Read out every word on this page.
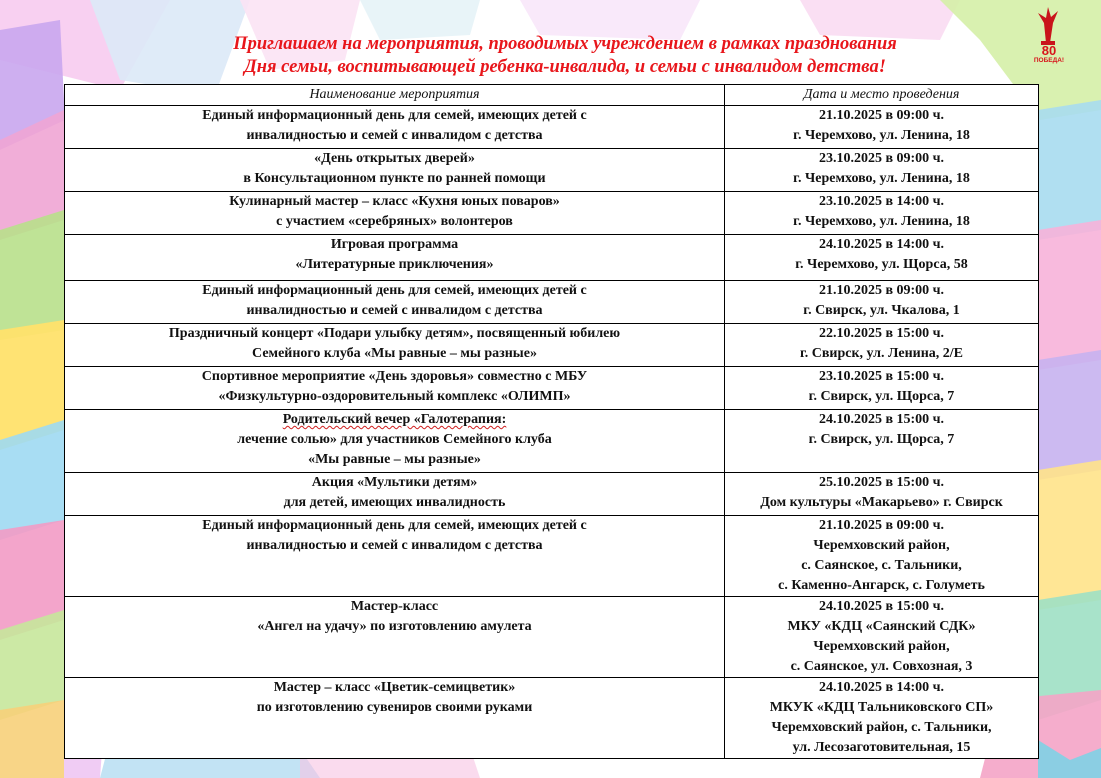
Приглашаем на мероприятия, проводимых учреждением в рамках празднования
Дня семьи, воспитывающей ребенка-инвалида, и семьи с инвалидом детства!
80
ПОБЕДА!
Наименование мероприятия	Дата и место проведения

Единый информационный день для семей, имеющих детей с
инвалидностью и семей с инвалидом с детства	21.10.2025 в 09:00 ч.
г. Черемхово, ул. Ленина, 18

«День открытых дверей»
в Консультационном пункте по ранней помощи	23.10.2025 в 09:00 ч.
г. Черемхово, ул. Ленина, 18

Кулинарный мастер – класс «Кухня юных поваров»
с участием «серебряных» волонтеров	23.10.2025 в 14:00 ч.
г. Черемхово, ул. Ленина, 18

Игровая программа
«Литературные приключения»	24.10.2025 в 14:00 ч.
г. Черемхово, ул. Щорса, 58

Единый информационный день для семей, имеющих детей с
инвалидностью и семей с инвалидом с детства	21.10.2025 в 09:00 ч.
г. Свирск, ул. Чкалова, 1

Праздничный концерт «Подари улыбку детям», посвященный юбилею
Семейного клуба «Мы равные – мы разные»	22.10.2025 в 15:00 ч.
г. Свирск, ул. Ленина, 2/Е

Спортивное мероприятие «День здоровья» совместно с МБУ
«Физкультурно-оздоровительный комплекс «ОЛИМП»	23.10.2025 в 15:00 ч.
г. Свирск, ул. Щорса, 7

Родительский вечер «Галотерапия:
лечение солью» для участников Семейного клуба
«Мы равные – мы разные»	24.10.2025 в 15:00 ч.
г. Свирск, ул. Щорса, 7

Акция «Мультики детям»
для детей, имеющих инвалидность	25.10.2025 в 15:00 ч.
Дом культуры «Макарьево» г. Свирск

Единый информационный день для семей, имеющих детей с
инвалидностью и семей с инвалидом с детства	21.10.2025 в 09:00 ч.
Черемховский район,
с. Саянское, с. Тальники,
с. Каменно-Ангарск, с. Голуметь

Мастер-класс
«Ангел на удачу» по изготовлению амулета	24.10.2025 в 15:00 ч.
МКУ «КДЦ «Саянский СДК»
Черемховский район,
с. Саянское, ул. Совхозная, 3

Мастер – класс «Цветик-семицветик»
по изготовлению сувениров своими руками	24.10.2025 в 14:00 ч.
МКУК «КДЦ Тальниковского СП»
Черемховский район, с. Тальники,
ул. Лесозаготовительная, 15
